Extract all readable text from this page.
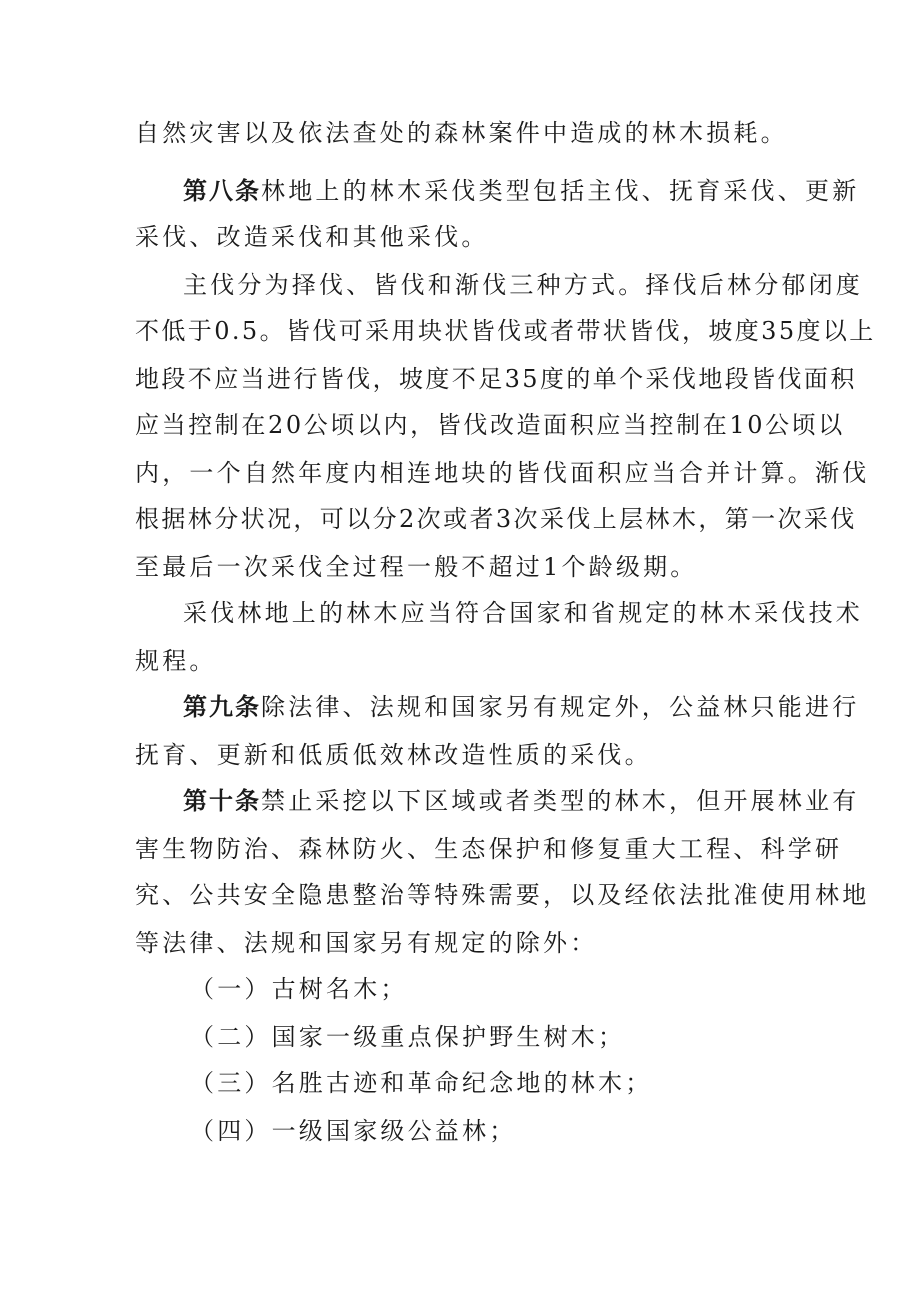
自然灾害以及依法查处的森林案件中造成的林木损耗。
第八条林地上的林木采伐类型包括主伐、抚育采伐、更新
采伐、改造采伐和其他采伐。
主伐分为择伐、皆伐和渐伐三种方式。择伐后林分郁闭度
不低于0.5。皆伐可采用块状皆伐或者带状皆伐，坡度35度以上
地段不应当进行皆伐，坡度不足35度的单个采伐地段皆伐面积
应当控制在20公顷以内，皆伐改造面积应当控制在10公顷以
内，一个自然年度内相连地块的皆伐面积应当合并计算。渐伐
根据林分状况，可以分2次或者3次采伐上层林木，第一次采伐
至最后一次采伐全过程一般不超过1个龄级期。
采伐林地上的林木应当符合国家和省规定的林木采伐技术
规程。
第九条除法律、法规和国家另有规定外，公益林只能进行
抚育、更新和低质低效林改造性质的采伐。
第十条禁止采挖以下区域或者类型的林木，但开展林业有
害生物防治、森林防火、生态保护和修复重大工程、科学研
究、公共安全隐患整治等特殊需要，以及经依法批准使用林地
等法律、法规和国家另有规定的除外：
（一）古树名木；
（二）国家一级重点保护野生树木；
（三）名胜古迹和革命纪念地的林木；
（四）一级国家级公益林；
